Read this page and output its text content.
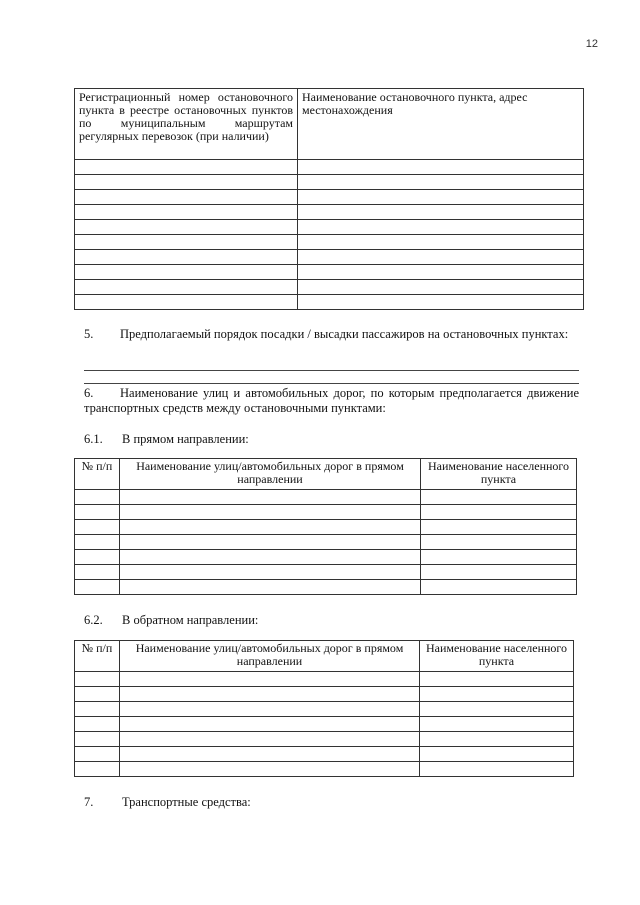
12
Регистрационный номер остановочного пункта в реестре остановочных пунктов по муниципальным маршрутам регулярных перевозок (при наличии)	Наименование остановочного пункта, адрес местонахождения

5. Предполагаемый порядок посадки / высадки пассажиров на остановочных пунктах:
6. Наименование улиц и автомобильных дорог, по которым предполагается движение транспортных средств между остановочными пунктами:
6.1. В прямом направлении:
№ п/п	Наименование улиц/автомобильных дорог в прямом направлении	Наименование населенного пункта

6.2. В обратном направлении:
№ п/п	Наименование улиц/автомобильных дорог в прямом направлении	Наименование населенного пункта

7. Транспортные средства:
